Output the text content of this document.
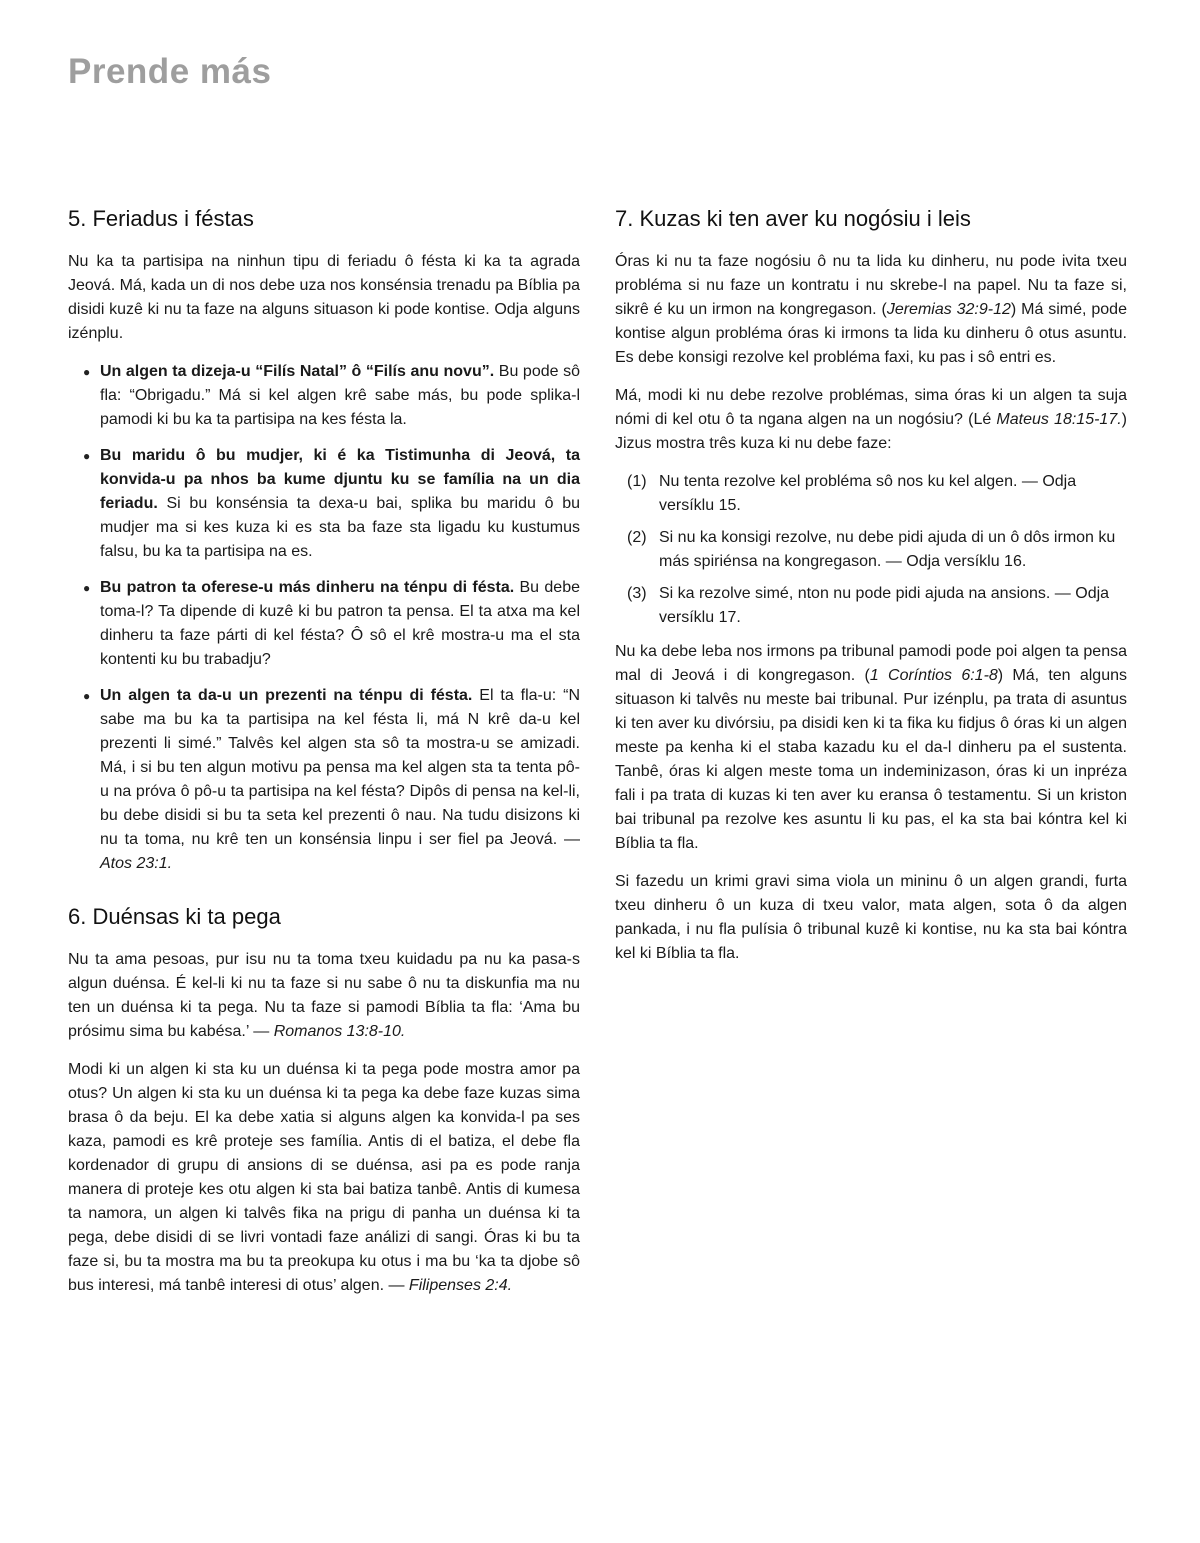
Prende más
5. Feriadus i féstas

Nu ka ta partisipa na ninhun tipu di feriadu ô fésta ki ka ta agrada Jeová. Má, kada un di nos debe uza nos konsénsia trenadu pa Bíblia pa disidi kuzê ki nu ta faze na alguns situason ki pode kontise. Odja alguns izénplu.

● Un algen ta dizeja-u “Filís Natal” ô “Filís anu novu”. Bu pode sô fla: “Obrigadu.” Má si kel algen krê sabe más, bu pode splika-l pamodi ki bu ka ta partisipa na kes fésta la.
● Bu maridu ô bu mudjer, ki é ka Tistimunha di Jeová, ta konvida-u pa nhos ba kume djuntu ku se família na un dia feriadu. Si bu konsénsia ta dexa-u bai, splika bu maridu ô bu mudjer ma si kes kuza ki es sta ba faze sta ligadu ku kustumus falsu, bu ka ta partisipa na es.
● Bu patron ta oferese-u más dinheru na ténpu di fésta. Bu debe toma-l? Ta dipende di kuzê ki bu patron ta pensa. El ta atxa ma kel dinheru ta faze párti di kel fésta? Ô sô el krê mostra-u ma el sta kontenti ku bu trabadju?
● Un algen ta da-u un prezenti na ténpu di fésta. El ta fla-u: “N sabe ma bu ka ta partisipa na kel fésta li, má N krê da-u kel prezenti li simé.” Talvês kel algen sta sô ta mostra-u se amizadi. Má, i si bu ten algun motivu pa pensa ma kel algen sta ta tenta pô-u na próva ô pô-u ta partisipa na kel fésta? Dipôs di pensa na kel-li, bu debe disidi si bu ta seta kel prezenti ô nau. Na tudu disizons ki nu ta toma, nu krê ten un konsénsia linpu i ser fiel pa Jeová. — Atos 23:1.
6. Duénsas ki ta pega

Nu ta ama pesoas, pur isu nu ta toma txeu kuidadu pa nu ka pasa-s algun duénsa. É kel-li ki nu ta faze si nu sabe ô nu ta diskunfia ma nu ten un duénsa ki ta pega. Nu ta faze si pamodi Bíblia ta fla: ‘Ama bu prósimu sima bu kabésa.’ — Romanos 13:8-10.

Modi ki un algen ki sta ku un duénsa ki ta pega pode mostra amor pa otus? Un algen ki sta ku un duénsa ki ta pega ka debe faze kuzas sima brasa ô da beju. El ka debe xatia si alguns algen ka konvida-l pa ses kaza, pamodi es krê proteje ses família. Antis di el batiza, el debe fla kordenador di grupu di ansions di se duénsa, asi pa es pode ranja manera di proteje kes otu algen ki sta bai batiza tanbê. Antis di kumesa ta namora, un algen ki talvês fika na prigu di panha un duénsa ki ta pega, debe disidi di se livri vontadi faze análizi di sangi. Óras ki bu ta faze si, bu ta mostra ma bu ta preokupa ku otus i ma bu ‘ka ta djobe sô bus interesi, má tanbê interesi di otus’ algen. — Filipenses 2:4.

7. Kuzas ki ten aver ku nogósiu i leis

Óras ki nu ta faze nogósiu ô nu ta lida ku dinheru, nu pode ivita txeu probléma si nu faze un kontratu i nu skrebe-l na papel. Nu ta faze si, sikrê é ku un irmon na kongregason. (Jeremias 32:9-12) Má simé, pode kontise algun probléma óras ki irmons ta lida ku dinheru ô otus asuntu. Es debe konsigi rezolve kel probléma faxi, ku pas i sô entri es.

Má, modi ki nu debe rezolve problémas, sima óras ki un algen ta suja nómi di kel otu ô ta ngana algen na un nogósiu? (Lé Mateus 18:15-17.) Jizus mostra três kuza ki nu debe faze:

(1) Nu tenta rezolve kel probléma sô nos ku kel algen. — Odja versíklu 15.
(2) Si nu ka konsigi rezolve, nu debe pidi ajuda di un ô dôs irmon ku más spiriénsa na kongregason. — Odja versíklu 16.
(3) Si ka rezolve simé, nton nu pode pidi ajuda na ansions. — Odja versíklu 17.

Nu ka debe leba nos irmons pa tribunal pamodi pode poi algen ta pensa mal di Jeová i di kongregason. (1 Coríntios 6:1-8) Má, ten alguns situason ki talvês nu meste bai tribunal. Pur izénplu, pa trata di asuntus ki ten aver ku divórsiu, pa disidi ken ki ta fika ku fidjus ô óras ki un algen meste pa kenha ki el staba kazadu ku el da-l dinheru pa el sustenta. Tanbê, óras ki algen meste toma un indeminizason, óras ki un inpréza fali i pa trata di kuzas ki ten aver ku eransa ô testamentu. Si un kriston bai tribunal pa rezolve kes asuntu li ku pas, el ka sta bai kóntra kel ki Bíblia ta fla.

Si fazedu un krimi gravi sima viola un mininu ô un algen grandi, furta txeu dinheru ô un kuza di txeu valor, mata algen, sota ô da algen pankada, i nu fla pulísia ô tribunal kuzê ki kontise, nu ka sta bai kóntra kel ki Bíblia ta fla.
